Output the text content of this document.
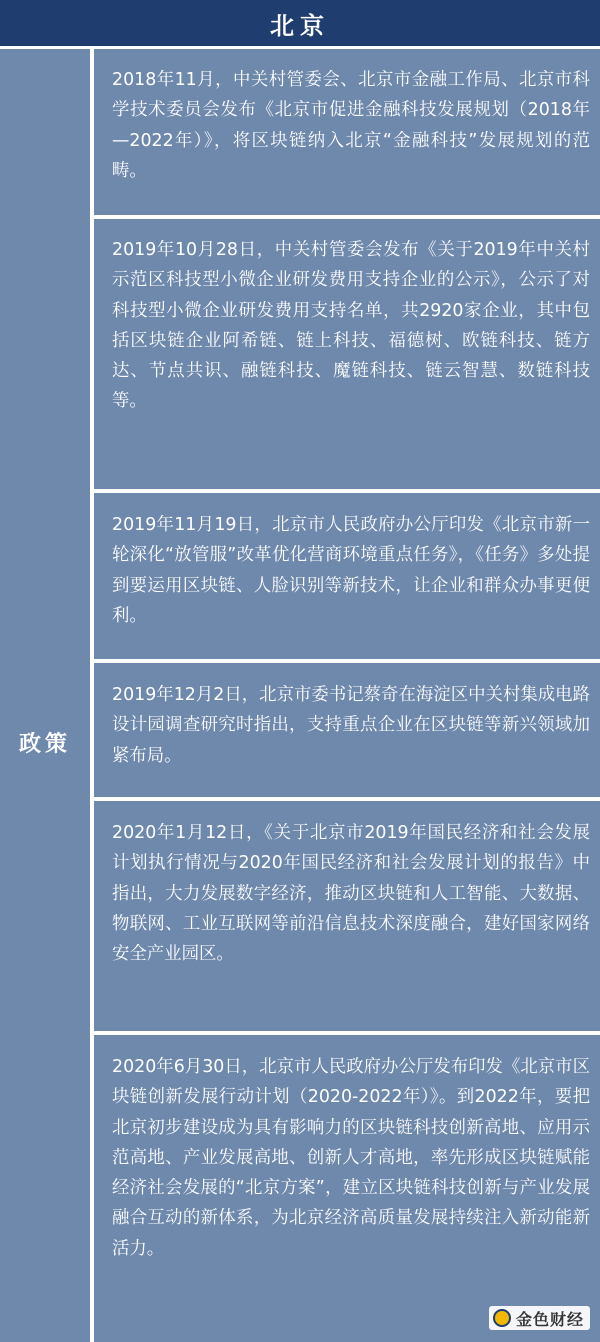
北京
政策

2018年11月，中关村管委会、北京市金融工作局、北京市科学技术委员会发布《北京市促进金融科技发展规划（2018年—2022年）》，将区块链纳入北京“金融科技”发展规划的范畴。

2019年10月28日，中关村管委会发布《关于2019年中关村示范区科技型小微企业研发费用支持企业的公示》，公示了对科技型小微企业研发费用支持名单，共2920家企业，其中包括区块链企业阿希链、链上科技、福德树、欧链科技、链方达、节点共识、融链科技、魔链科技、链云智慧、数链科技等。

2019年11月19日，北京市人民政府办公厅印发《北京市新一轮深化“放管服”改革优化营商环境重点任务》，《任务》多处提到要运用区块链、人脸识别等新技术，让企业和群众办事更便利。

2019年12月2日，北京市委书记蔡奇在海淀区中关村集成电路设计园调查研究时指出，支持重点企业在区块链等新兴领域加紧布局。

2020年1月12日，《关于北京市2019年国民经济和社会发展计划执行情况与2020年国民经济和社会发展计划的报告》中指出，大力发展数字经济，推动区块链和人工智能、大数据、物联网、工业互联网等前沿信息技术深度融合，建好国家网络安全产业园区。

2020年6月30日，北京市人民政府办公厅发布印发《北京市区块链创新发展行动计划（2020-2022年）》。到2022年，要把北京初步建设成为具有影响力的区块链科技创新高地、应用示范高地、产业发展高地、创新人才高地，率先形成区块链赋能经济社会发展的“北京方案”，建立区块链科技创新与产业发展融合互动的新体系，为北京经济高质量发展持续注入新动能新活力。

金色财经
